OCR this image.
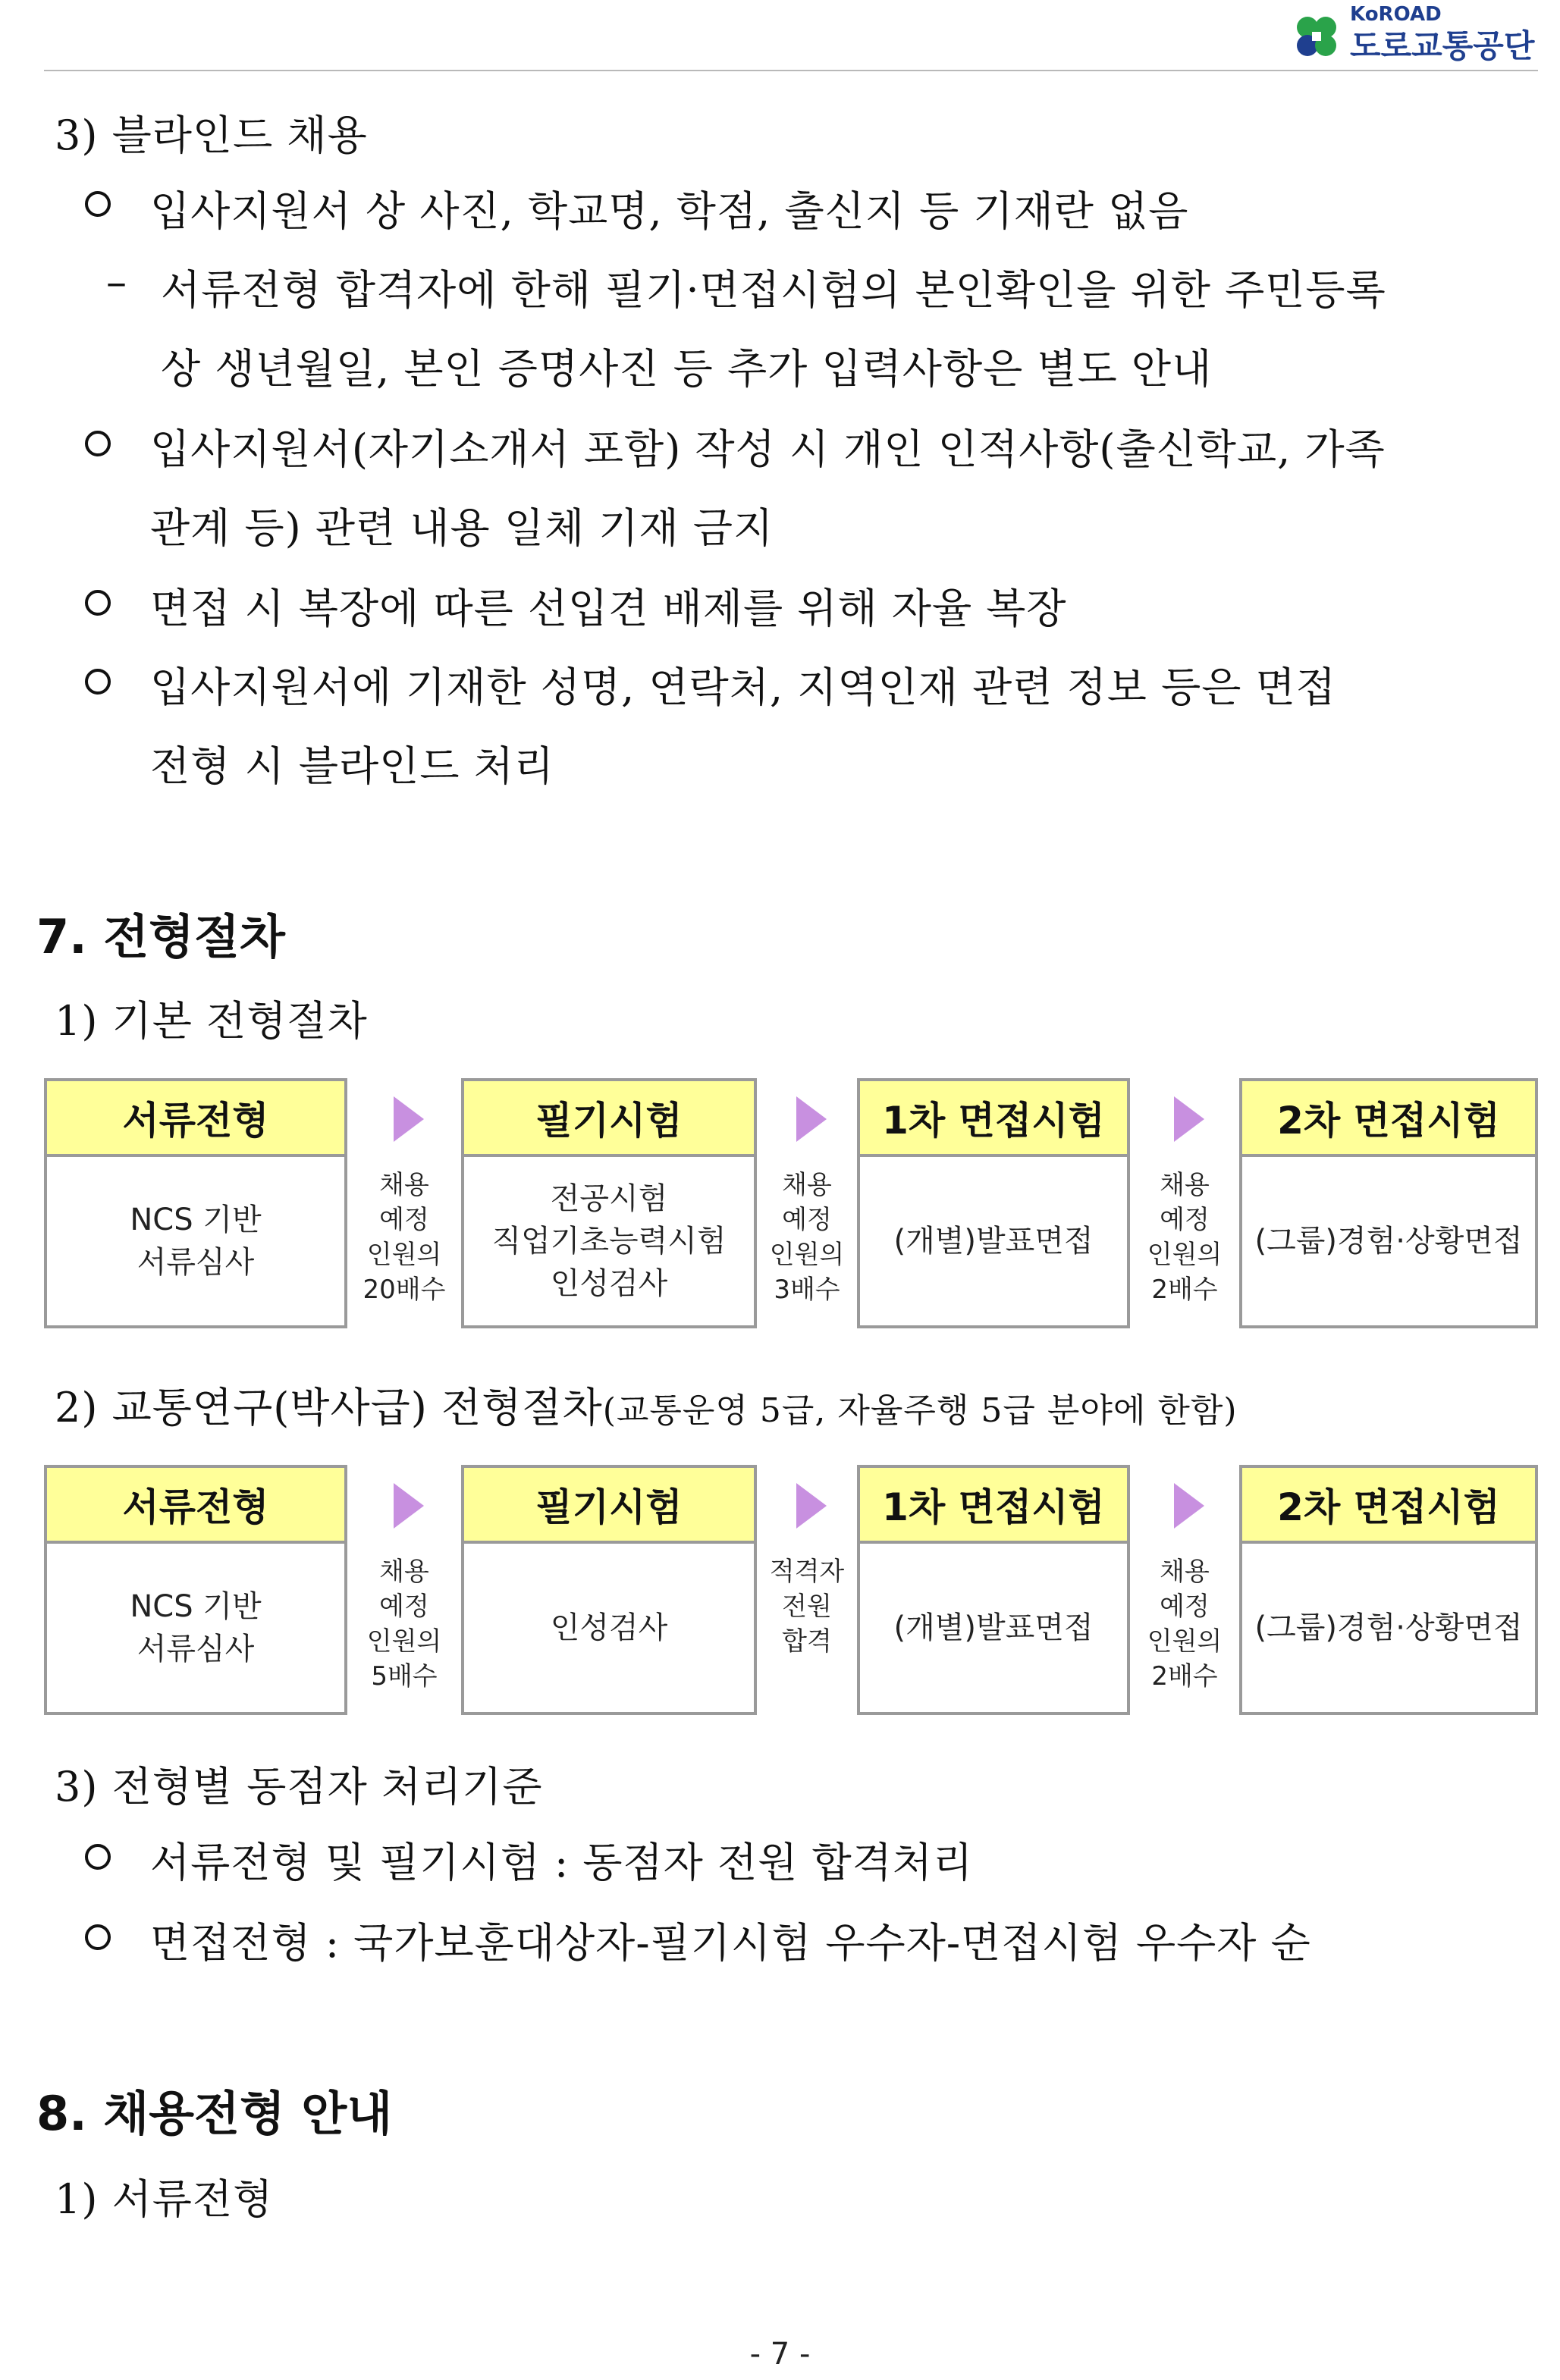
KoROAD
도로교통공단
3) 블라인드 채용
입사지원서 상 사진, 학교명, 학점, 출신지 등 기재란 없음
– 서류전형 합격자에 한해 필기·면접시험의 본인확인을 위한 주민등록
상 생년월일, 본인 증명사진 등 추가 입력사항은 별도 안내
입사지원서(자기소개서 포함) 작성 시 개인 인적사항(출신학교, 가족
관계 등) 관련 내용 일체 기재 금지
면접 시 복장에 따른 선입견 배제를 위해 자율 복장
입사지원서에 기재한 성명, 연락처, 지역인재 관련 정보 등은 면접
전형 시 블라인드 처리
7. 전형절차
1) 기본 전형절차
서류전형
NCS 기반
서류심사
채용
예정
인원의
20배수
필기시험
전공시험
직업기초능력시험
인성검사
채용
예정
인원의
3배수
1차 면접시험
(개별)발표면접
채용
예정
인원의
2배수
2차 면접시험
(그룹)경험·상황면접
2) 교통연구(박사급) 전형절차(교통운영 5급, 자율주행 5급 분야에 한함)
서류전형
NCS 기반
서류심사
채용
예정
인원의
5배수
필기시험
인성검사
적격자
전원
합격
1차 면접시험
(개별)발표면접
채용
예정
인원의
2배수
2차 면접시험
(그룹)경험·상황면접
3) 전형별 동점자 처리기준
서류전형 및 필기시험 : 동점자 전원 합격처리
면접전형 : 국가보훈대상자-필기시험 우수자-면접시험 우수자 순
8. 채용전형 안내
1) 서류전형
- 7 -
